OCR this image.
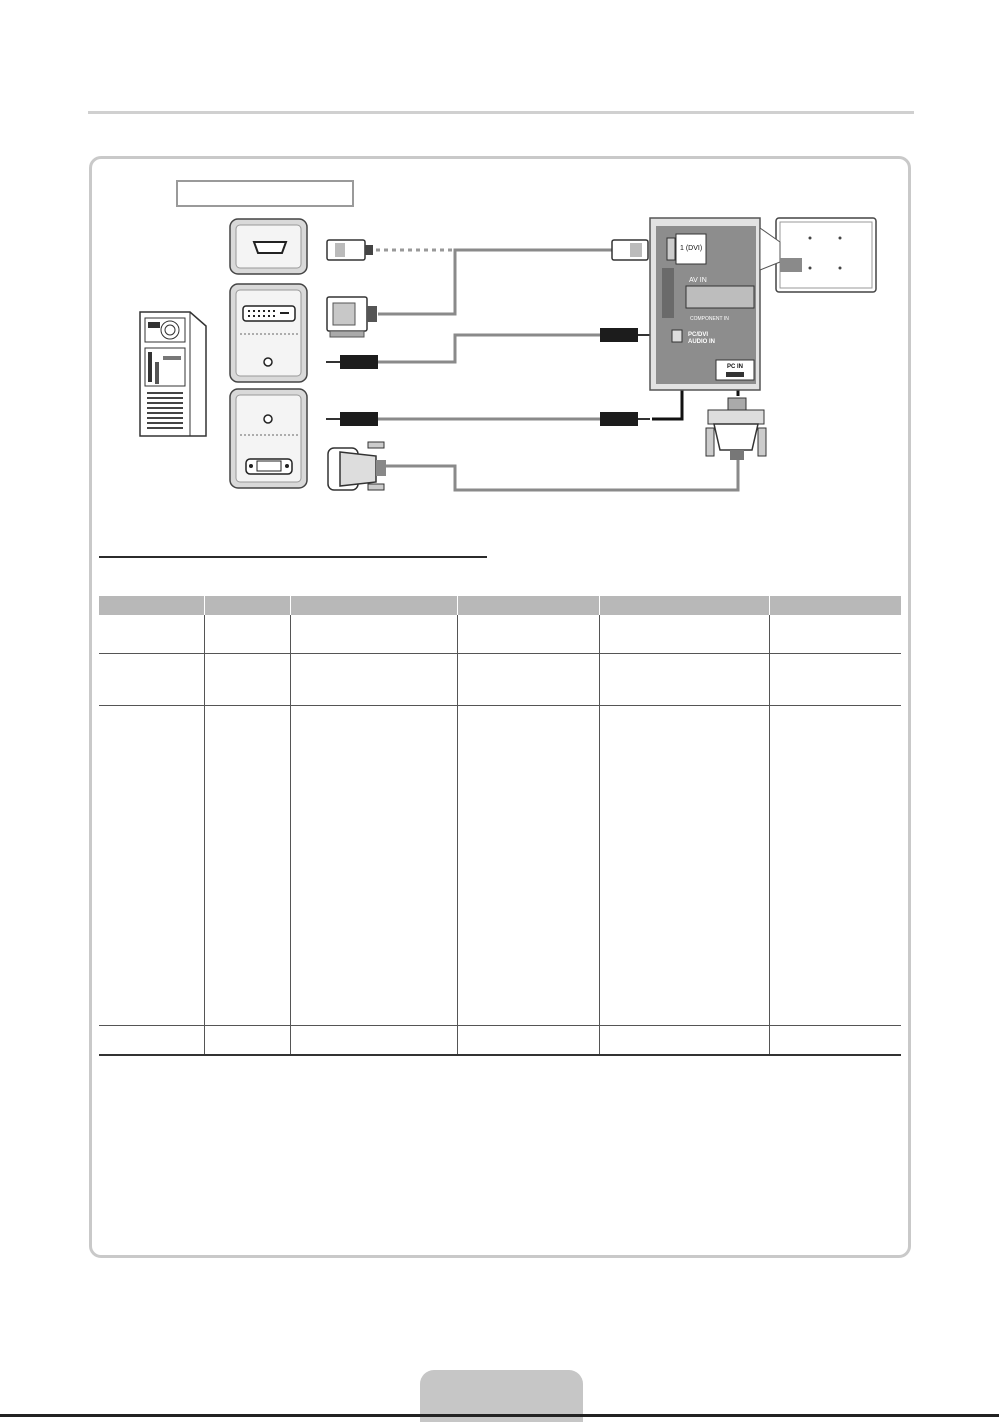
1 (DVI)
AV IN
COMPONENT IN
PC/DVI
AUDIO IN
PC IN
